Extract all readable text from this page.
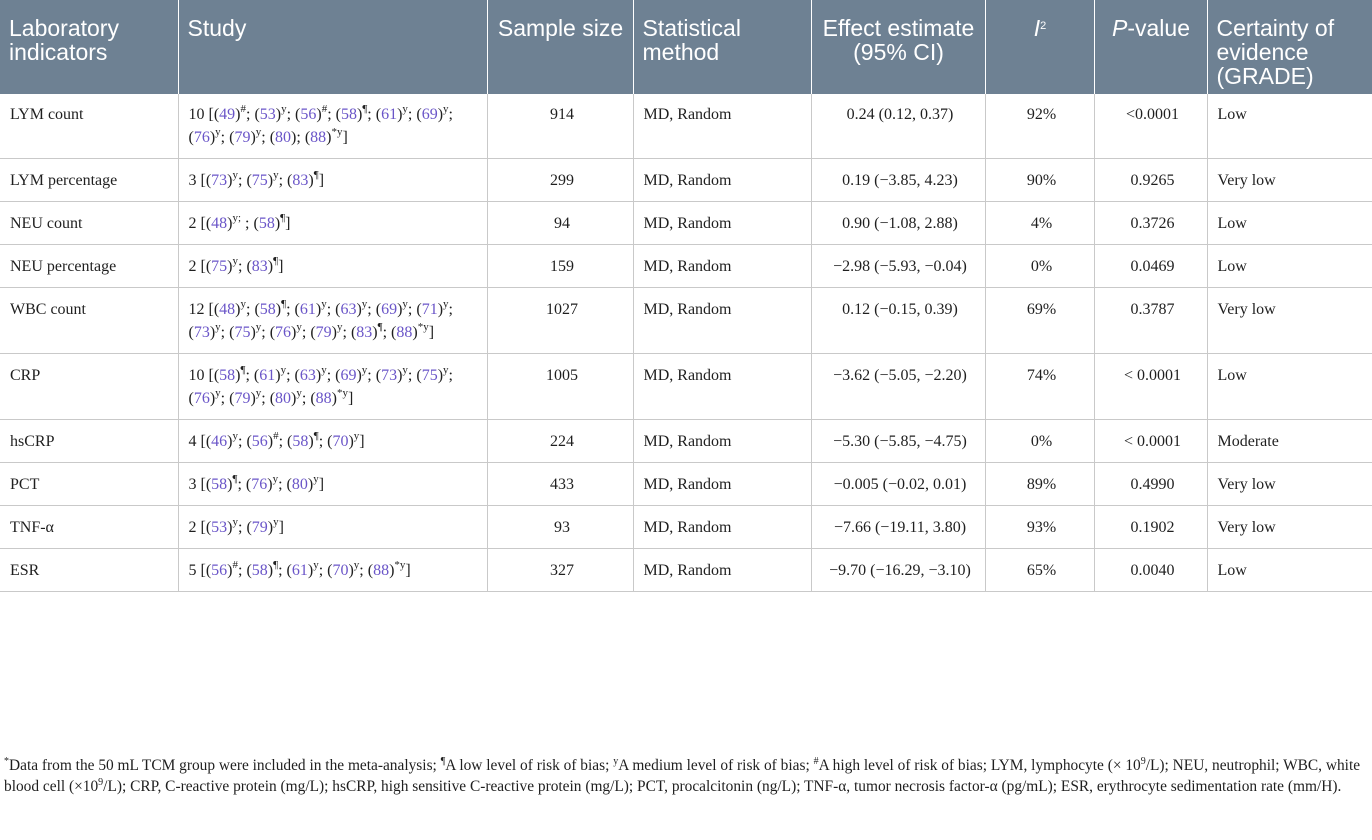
Laboratory indicators	Study	Sample size	Statistical method	Effect estimate (95% CI)	$I^2$	P-value	Certainty of evidence (GRADE)
LYM count	10 [(49)#; $(53)^y$; (56)#; (58)¶; $(61)^y$; $(69)^y$; $(76)^y$; $(79)^y$; (80); $(88)^{*y}$]	914	MD, Random	0.24 (0.12, 0.37)	92%	<0.0001	Low
LYM percentage	3 [$(73)^y$; $(75)^y$; (83)¶]	299	MD, Random	0.19 (−3.85, 4.23)	90%	0.9265	Very low
NEU count	2 [$(48)^{y;}$ ; (58)¶]	94	MD, Random	0.90 (−1.08, 2.88)	4%	0.3726	Low
NEU percentage	2 [$(75)^y$; (83)¶]	159	MD, Random	−2.98 (−5.93, −0.04)	0%	0.0469	Low
WBC count	12 [$(48)^y$; (58)¶; $(61)^y$; $(63)^y$; $(69)^y$; $(71)^y$; $(73)^y$; $(75)^y$; $(76)^y$; $(79)^y$; (83)¶; $(88)^{*y}$]	1027	MD, Random	0.12 (−0.15, 0.39)	69%	0.3787	Very low
CRP	10 [(58)¶; $(61)^y$; $(63)^y$; $(69)^y$; $(73)^y$; $(75)^y$; $(76)^y$; $(79)^y$; $(80)^y$; $(88)^{*y}$]	1005	MD, Random	−3.62 (−5.05, −2.20)	74%	< 0.0001	Low
hsCRP	4 [$(46)^y$; (56)#; (58)¶; $(70)^y$]	224	MD, Random	−5.30 (−5.85, −4.75)	0%	< 0.0001	Moderate
PCT	3 [(58)¶; $(76)^y$; $(80)^y$]	433	MD, Random	−0.005 (−0.02, 0.01)	89%	0.4990	Very low
TNF-α	2 [$(53)^y$; $(79)^y$]	93	MD, Random	−7.66 (−19.11, 3.80)	93%	0.1902	Very low
ESR	5 [(56)#; (58)¶; $(61)^y$; $(70)^y$; $(88)^{*y}$]	327	MD, Random	−9.70 (−16.29, −3.10)	65%	0.0040	Low
*Data from the 50 mL TCM group were included in the meta-analysis; ¶A low level of risk of bias; $^y$A medium level of risk of bias; #A high level of risk of bias; LYM, lymphocyte (× $10^9/L$); NEU, neutrophil; WBC, white blood cell $(\times 10^9/L)$; CRP, C-reactive protein (mg/L); hsCRP, high sensitive C-reactive protein (mg/L); PCT, procalcitonin (ng/L); TNF-α, tumor necrosis factor-α (pg/mL); ESR, erythrocyte sedimentation rate (mm/H).
